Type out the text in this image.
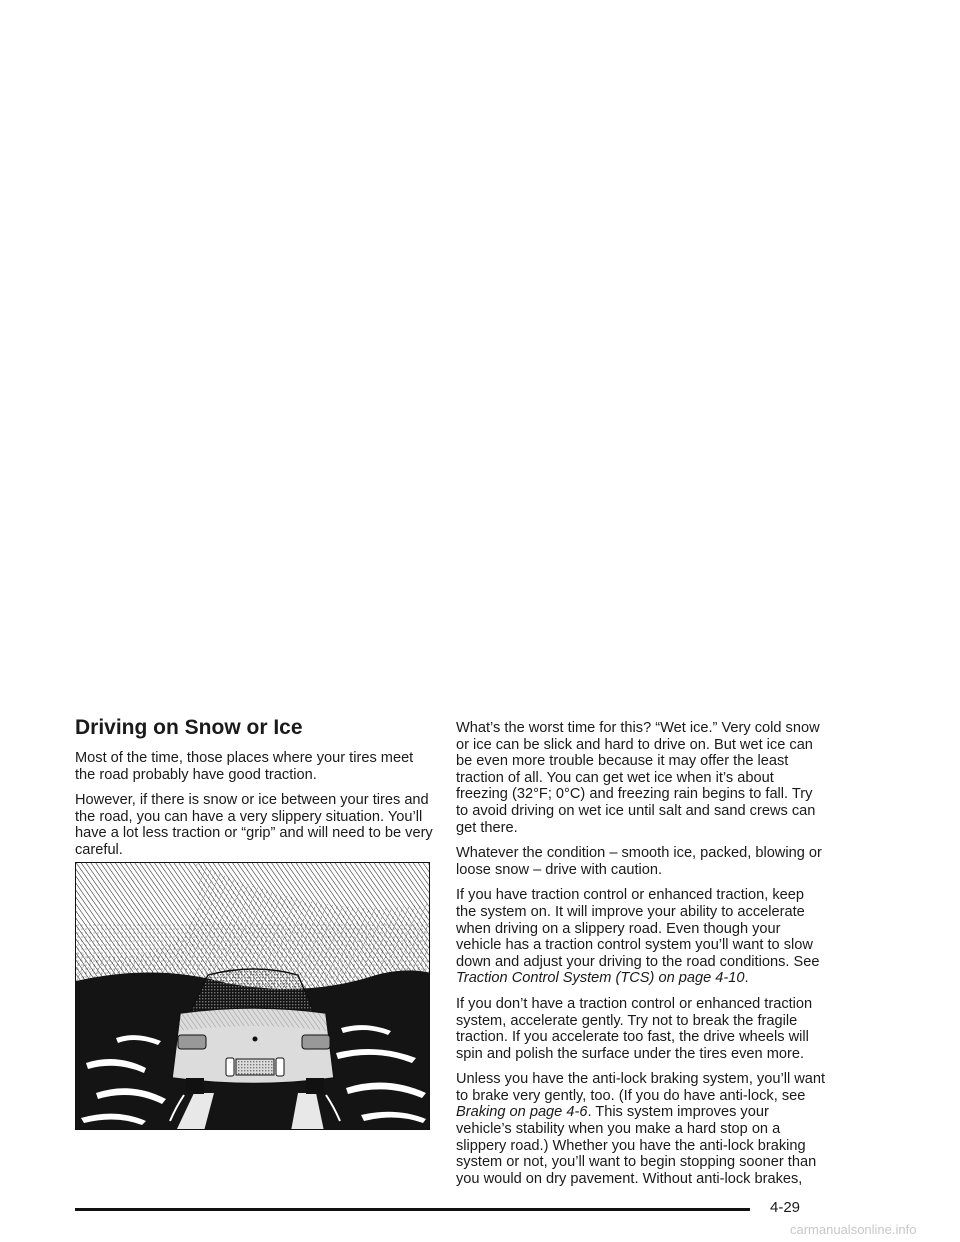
Driving on Snow or Ice

Most of the time, those places where your tires meet the road probably have good traction.

However, if there is snow or ice between your tires and the road, you can have a very slippery situation. You’ll have a lot less traction or “grip” and will need to be very careful.

What’s the worst time for this? “Wet ice.” Very cold snow or ice can be slick and hard to drive on. But wet ice can be even more trouble because it may offer the least traction of all. You can get wet ice when it’s about freezing (32°F; 0°C) and freezing rain begins to fall. Try to avoid driving on wet ice until salt and sand crews can get there.

Whatever the condition – smooth ice, packed, blowing or loose snow – drive with caution.

If you have traction control or enhanced traction, keep the system on. It will improve your ability to accelerate when driving on a slippery road. Even though your vehicle has a traction control system you’ll want to slow down and adjust your driving to the road conditions. See Traction Control System (TCS) on page 4-10.

If you don’t have a traction control or enhanced traction system, accelerate gently. Try not to break the fragile traction. If you accelerate too fast, the drive wheels will spin and polish the surface under the tires even more.

Unless you have the anti-lock braking system, you’ll want to brake very gently, too. (If you do have anti-lock, see Braking on page 4-6. This system improves your vehicle’s stability when you make a hard stop on a slippery road.) Whether you have the anti-lock braking system or not, you’ll want to begin stopping sooner than you would on dry pavement. Without anti-lock brakes,

4-29
carmanualsonline.info
